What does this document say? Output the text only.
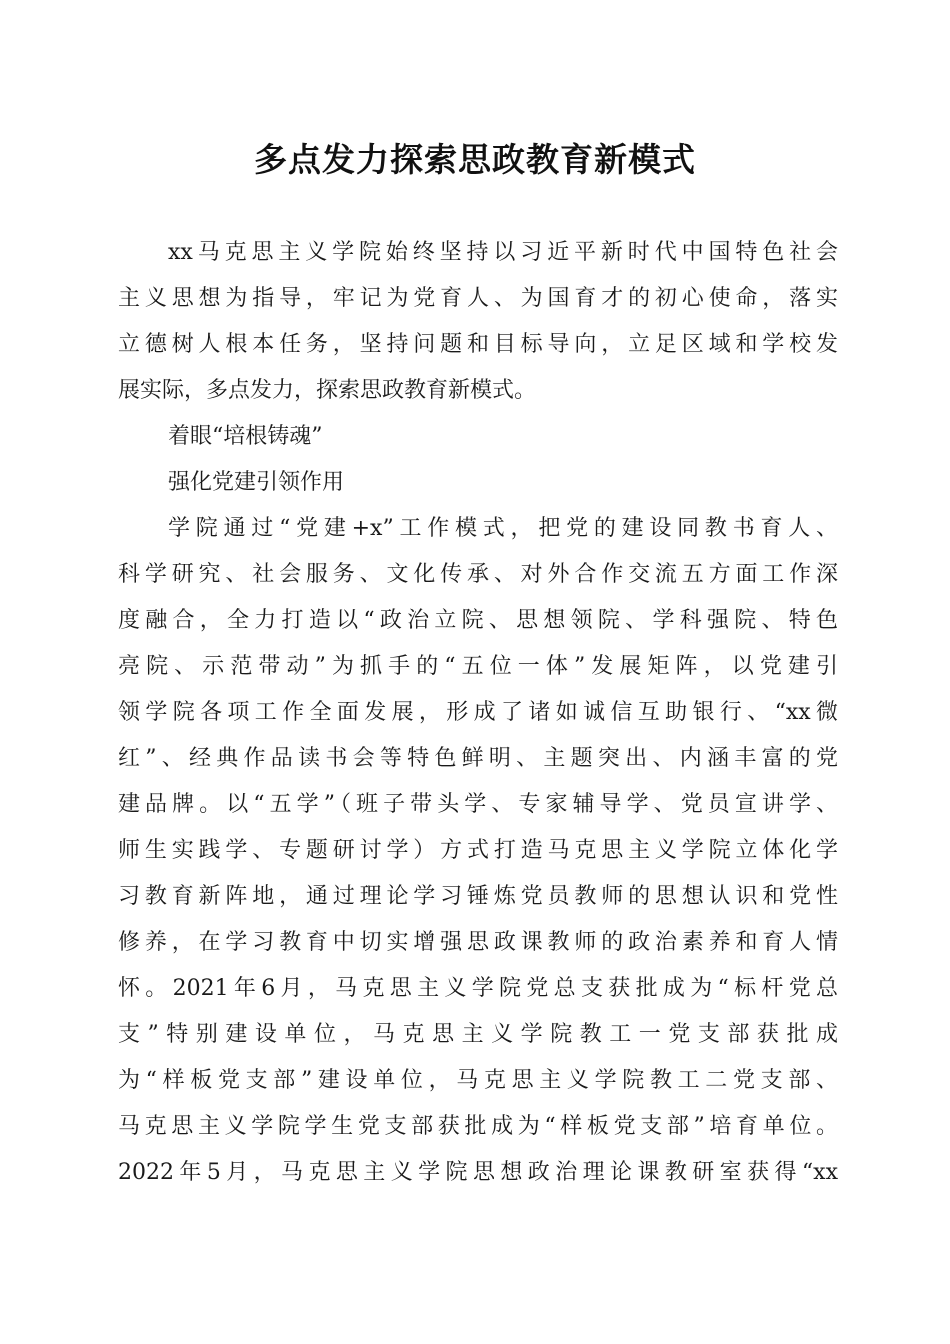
多点发力探索思政教育新模式
xx马克思主义学院始终坚持以习近平新时代中国特色社会
主义思想为指导，牢记为党育人、为国育才的初心使命，落实
立德树人根本任务，坚持问题和目标导向，立足区域和学校发
展实际，多点发力，探索思政教育新模式。
着眼“培根铸魂”
强化党建引领作用
学院通过“党建+x”工作模式，把党的建设同教书育人、
科学研究、社会服务、文化传承、对外合作交流五方面工作深
度融合，全力打造以“政治立院、思想领院、学科强院、特色
亮院、示范带动”为抓手的“五位一体”发展矩阵，以党建引
领学院各项工作全面发展，形成了诸如诚信互助银行、“xx微
红”、经典作品读书会等特色鲜明、主题突出、内涵丰富的党
建品牌。以“五学”（班子带头学、专家辅导学、党员宣讲学、
师生实践学、专题研讨学）方式打造马克思主义学院立体化学
习教育新阵地，通过理论学习锤炼党员教师的思想认识和党性
修养，在学习教育中切实增强思政课教师的政治素养和育人情
怀。2021年6月，马克思主义学院党总支获批成为“标杆党总
支”特别建设单位，马克思主义学院教工一党支部获批成
为“样板党支部”建设单位，马克思主义学院教工二党支部、
马克思主义学院学生党支部获批成为“样板党支部”培育单位。
2022年5月，马克思主义学院思想政治理论课教研室获得“xx
